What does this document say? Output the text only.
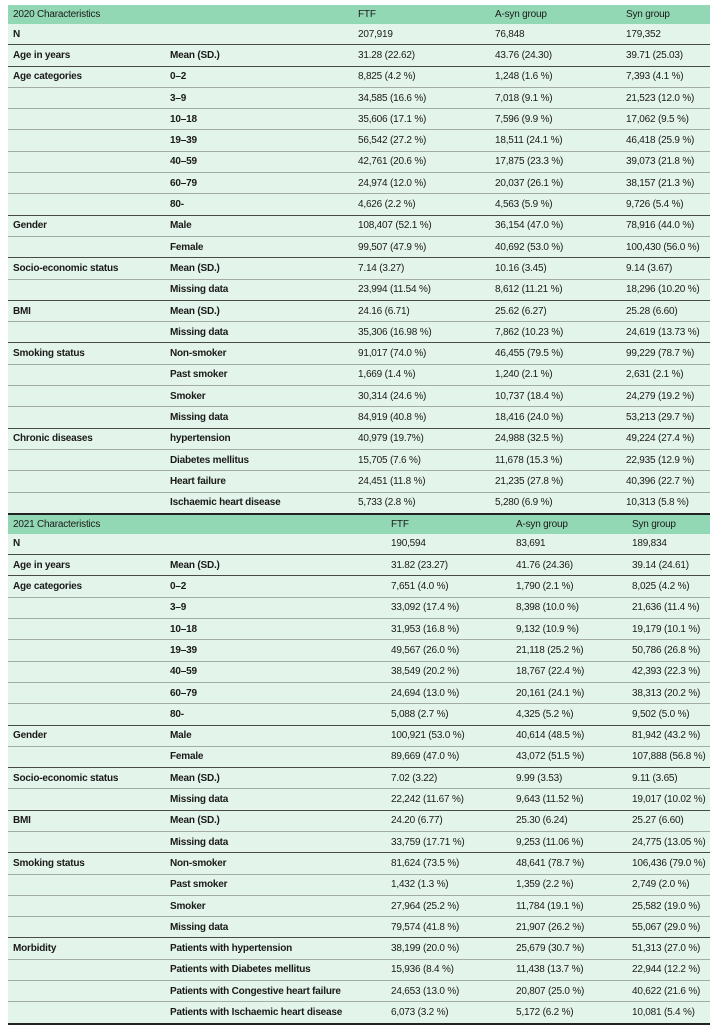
2020 Characteristics		FTF	A-syn group	Syn group
N		207,919	76,848	179,352
Age in years	Mean (SD.)	31.28 (22.62)	43.76 (24.30)	39.71 (25.03)
Age categories	0–2	8,825 (4.2 %)	1,248 (1.6 %)	7,393 (4.1 %)
	3–9	34,585 (16.6 %)	7,018 (9.1 %)	21,523 (12.0 %)
	10–18	35,606 (17.1 %)	7,596 (9.9 %)	17,062 (9.5 %)
	19–39	56,542 (27.2 %)	18,511 (24.1 %)	46,418 (25.9 %)
	40–59	42,761 (20.6 %)	17,875 (23.3 %)	39,073 (21.8 %)
	60–79	24,974 (12.0 %)	20,037 (26.1 %)	38,157 (21.3 %)
	80-	4,626 (2.2 %)	4,563 (5.9 %)	9,726 (5.4 %)
Gender	Male	108,407 (52.1 %)	36,154 (47.0 %)	78,916 (44.0 %)
	Female	99,507 (47.9 %)	40,692 (53.0 %)	100,430 (56.0 %)
Socio-economic status	Mean (SD.)	7.14 (3.27)	10.16 (3.45)	9.14 (3.67)
	Missing data	23,994 (11.54 %)	8,612 (11.21 %)	18,296 (10.20 %)
BMI	Mean (SD.)	24.16 (6.71)	25.62 (6.27)	25.28 (6.60)
	Missing data	35,306 (16.98 %)	7,862 (10.23 %)	24,619 (13.73 %)
Smoking status	Non-smoker	91,017 (74.0 %)	46,455 (79.5 %)	99,229 (78.7 %)
	Past smoker	1,669 (1.4 %)	1,240 (2.1 %)	2,631 (2.1 %)
	Smoker	30,314 (24.6 %)	10,737 (18.4 %)	24,279 (19.2 %)
	Missing data	84,919 (40.8 %)	18,416 (24.0 %)	53,213 (29.7 %)
Chronic diseases	hypertension	40,979 (19.7%)	24,988 (32.5 %)	49,224 (27.4 %)
	Diabetes mellitus	15,705 (7.6 %)	11,678 (15.3 %)	22,935 (12.9 %)
	Heart failure	24,451 (11.8 %)	21,235 (27.8 %)	40,396 (22.7 %)
	Ischaemic heart disease	5,733 (2.8 %)	5,280 (6.9 %)	10,313 (5.8 %)
2021 Characteristics		FTF	A-syn group	Syn group
N		190,594	83,691	189,834
Age in years	Mean (SD.)	31.82 (23.27)	41.76 (24.36)	39.14 (24.61)
Age categories	0–2	7,651 (4.0 %)	1,790 (2.1 %)	8,025 (4.2 %)
	3–9	33,092 (17.4 %)	8,398 (10.0 %)	21,636 (11.4 %)
	10–18	31,953 (16.8 %)	9,132 (10.9 %)	19,179 (10.1 %)
	19–39	49,567 (26.0 %)	21,118 (25.2 %)	50,786 (26.8 %)
	40–59	38,549 (20.2 %)	18,767 (22.4 %)	42,393 (22.3 %)
	60–79	24,694 (13.0 %)	20,161 (24.1 %)	38,313 (20.2 %)
	80-	5,088 (2.7 %)	4,325 (5.2 %)	9,502 (5.0 %)
Gender	Male	100,921 (53.0 %)	40,614 (48.5 %)	81,942 (43.2 %)
	Female	89,669 (47.0 %)	43,072 (51.5 %)	107,888 (56.8 %)
Socio-economic status	Mean (SD.)	7.02 (3.22)	9.99 (3.53)	9.11 (3.65)
	Missing data	22,242 (11.67 %)	9,643 (11.52 %)	19,017 (10.02 %)
BMI	Mean (SD.)	24.20 (6.77)	25.30 (6.24)	25.27 (6.60)
	Missing data	33,759 (17.71 %)	9,253 (11.06 %)	24,775 (13.05 %)
Smoking status	Non-smoker	81,624 (73.5 %)	48,641 (78.7 %)	106,436 (79.0 %)
	Past smoker	1,432 (1.3 %)	1,359 (2.2 %)	2,749 (2.0 %)
	Smoker	27,964 (25.2 %)	11,784 (19.1 %)	25,582 (19.0 %)
	Missing data	79,574 (41.8 %)	21,907 (26.2 %)	55,067 (29.0 %)
Morbidity	Patients with hypertension	38,199 (20.0 %)	25,679 (30.7 %)	51,313 (27.0 %)
	Patients with Diabetes mellitus	15,936 (8.4 %)	11,438 (13.7 %)	22,944 (12.2 %)
	Patients with Congestive heart failure	24,653 (13.0 %)	20,807 (25.0 %)	40,622 (21.6 %)
	Patients with Ischaemic heart disease	6,073 (3.2 %)	5,172 (6.2 %)	10,081 (5.4 %)
